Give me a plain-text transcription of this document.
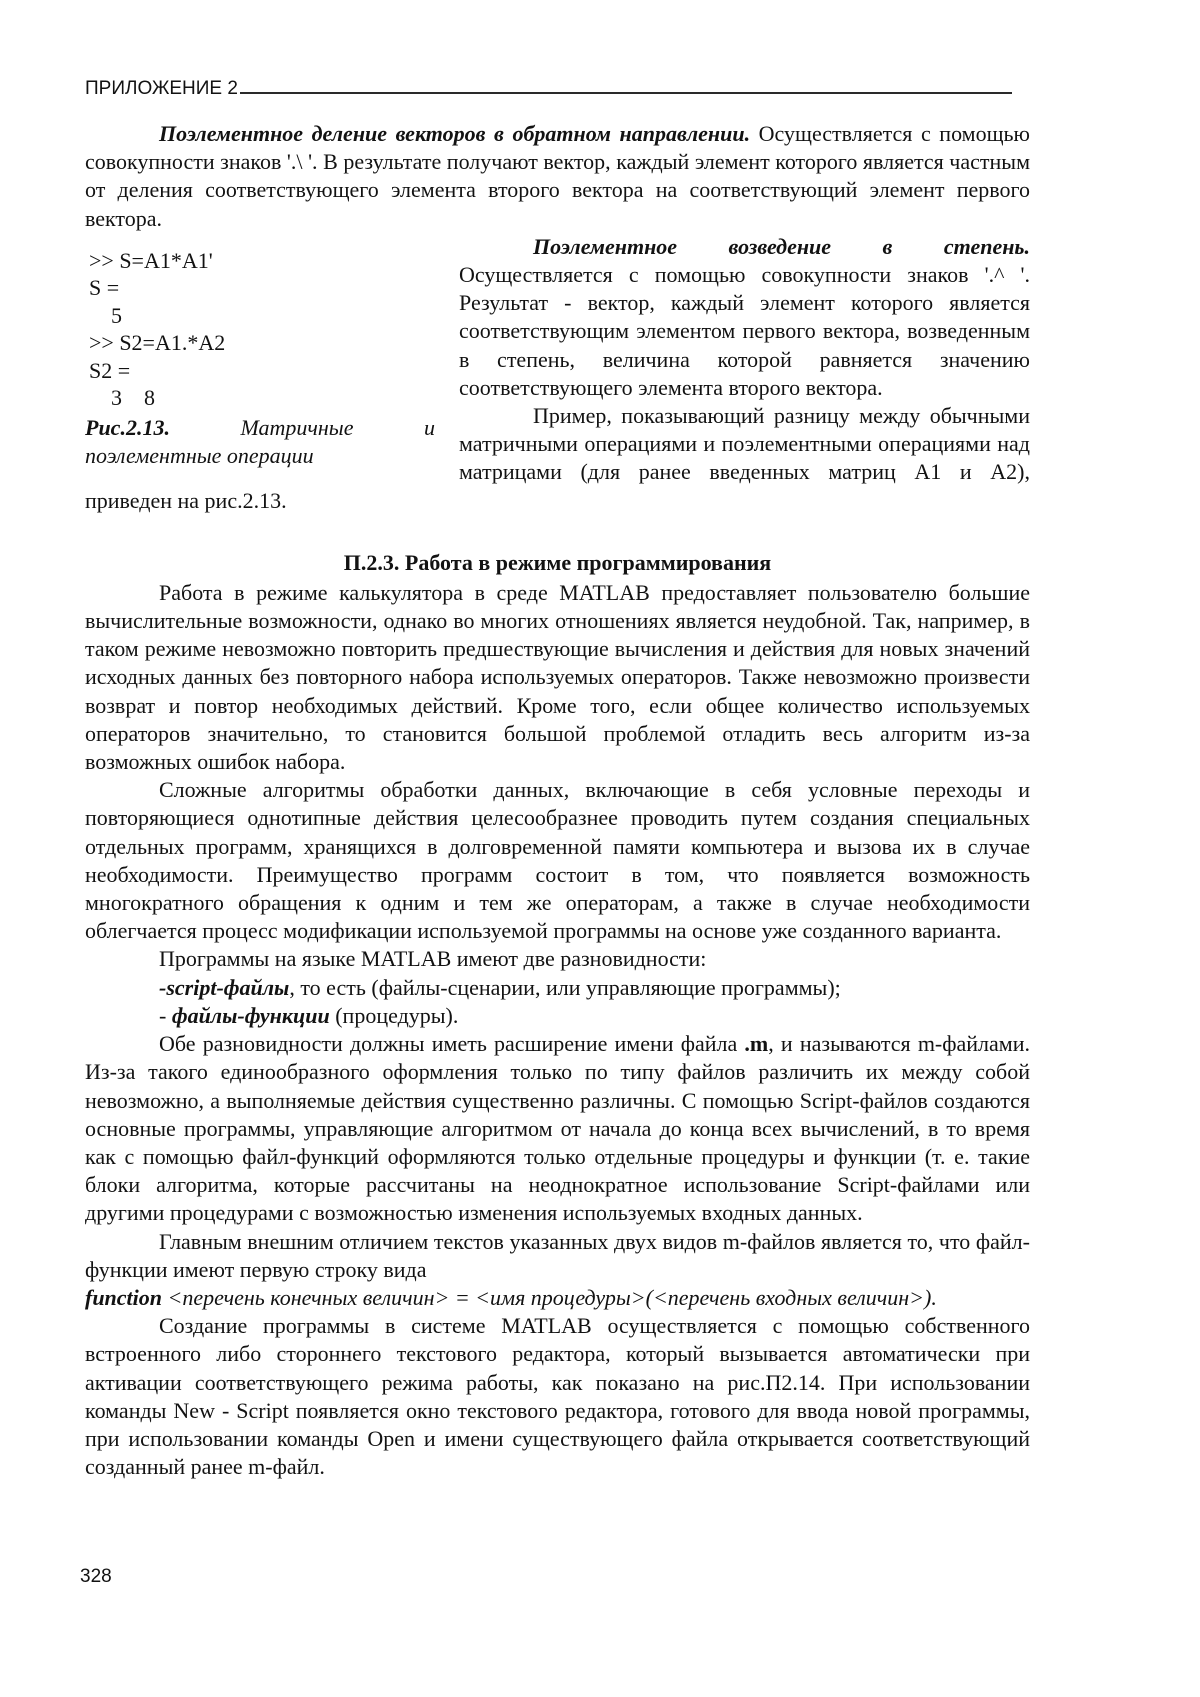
ПРИЛОЖЕНИЕ 2

Поэлементное деление векторов в обратном направлении. Осуществляется с помощью совокупности знаков '.\ '. В результате получают вектор, каждый элемент которого является частным от деления соответствующего элемента второго вектора на соответствующий элемент первого вектора.

>> S=A1*A1'
S =
5
>> S2=A1.*A2
S2 =
3    8
Рис.2.13.	Матричные	и
поэлементные операции
Поэлементное возведение в степень.

Осуществляется с помощью совокупности знаков '.^ '. Результат - вектор, каждый элемент которого является соответствующим элементом первого вектора, возведенным в степень, величина которой равняется значению соответствующего элемента второго вектора.

Пример, показывающий разницу между обычными матричными операциями и поэлементными операциями над матрицами (для ранее введенных матриц А1 и А2), приведен на рис.2.13.

П.2.3. Работа в режиме программирования

Работа в режиме калькулятора в среде MATLAB предоставляет пользователю большие вычислительные возможности, однако во многих отношениях является неудобной. Так, например, в таком режиме невозможно повторить предшествующие вычисления и действия для новых значений исходных данных без повторного набора используемых операторов. Также невозможно произвести возврат и повтор необходимых действий. Кроме того, если общее количество используемых операторов значительно, то становится большой проблемой отладить весь алгоритм из-за возможных ошибок набора.

Сложные алгоритмы обработки данных, включающие в себя условные переходы и повторяющиеся однотипные действия целесообразнее проводить путем создания специальных отдельных программ, хранящихся в долговременной памяти компьютера и вызова их в случае необходимости. Преимущество программ состоит в том, что появляется возможность многократного обращения к одним и тем же операторам, а также в случае необходимости облегчается процесс модификации используемой программы на основе уже созданного варианта.

Программы на языке MATLAB имеют две разновидности:

-script-файлы, то есть (файлы-сценарии, или управляющие программы);

- файлы-функции (процедуры).

Обе разновидности должны иметь расширение имени файла .m, и называются m-файлами. Из-за такого единообразного оформления только по типу файлов различить их между собой невозможно, а выполняемые действия существенно различны. С помощью Script-файлов создаются основные программы, управляющие алгоритмом от начала до конца всех вычислений, в то время как с помощью файл-функций оформляются только отдельные процедуры и функции (т. е. такие блоки алгоритма, которые рассчитаны на неоднократное использование Script-файлами или другими процедурами с возможностью изменения используемых входных данных.

Главным внешним отличием текстов указанных двух видов m-файлов является то, что файл-функции имеют первую строку вида

function <перечень конечных величин> = <имя процедуры>(<перечень входных величин>).

Создание программы в системе MATLAB осуществляется с помощью собственного встроенного либо стороннего текстового редактора, который вызывается автоматически при активации соответствующего режима работы, как показано на рис.П2.14. При использовании команды New - Script появляется окно текстового редактора, готового для ввода новой программы, при использовании команды Open и имени существующего файла открывается соответствующий созданный ранее m-файл.

328
